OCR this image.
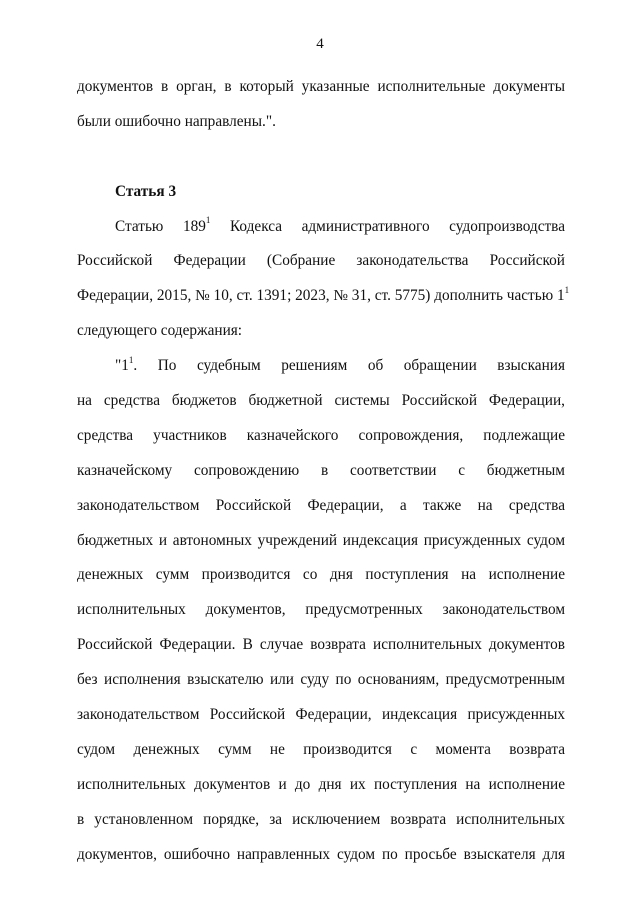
4
документов в орган, в который указанные исполнительные документы
были ошибочно направлены.".
Статья 3
Статью $189^1$ Кодекса административного судопроизводства
Российской Федерации (Собрание законодательства Российской
Федерации, 2015, № 10, ст. 1391; 2023, № 31, ст. 5775) дополнить частью $1^1$
следующего содержания:
"$1^1$. По судебным решениям об обращении взыскания
на средства бюджетов бюджетной системы Российской Федерации,
средства участников казначейского сопровождения, подлежащие
казначейскому сопровождению в соответствии с бюджетным
законодательством Российской Федерации, а также на средства
бюджетных и автономных учреждений индексация присужденных судом
денежных сумм производится со дня поступления на исполнение
исполнительных документов, предусмотренных законодательством
Российской Федерации. В случае возврата исполнительных документов
без исполнения взыскателю или суду по основаниям, предусмотренным
законодательством Российской Федерации, индексация присужденных
судом денежных сумм не производится с момента возврата
исполнительных документов и до дня их поступления на исполнение
в установленном порядке, за исключением возврата исполнительных
документов, ошибочно направленных судом по просьбе взыскателя для
